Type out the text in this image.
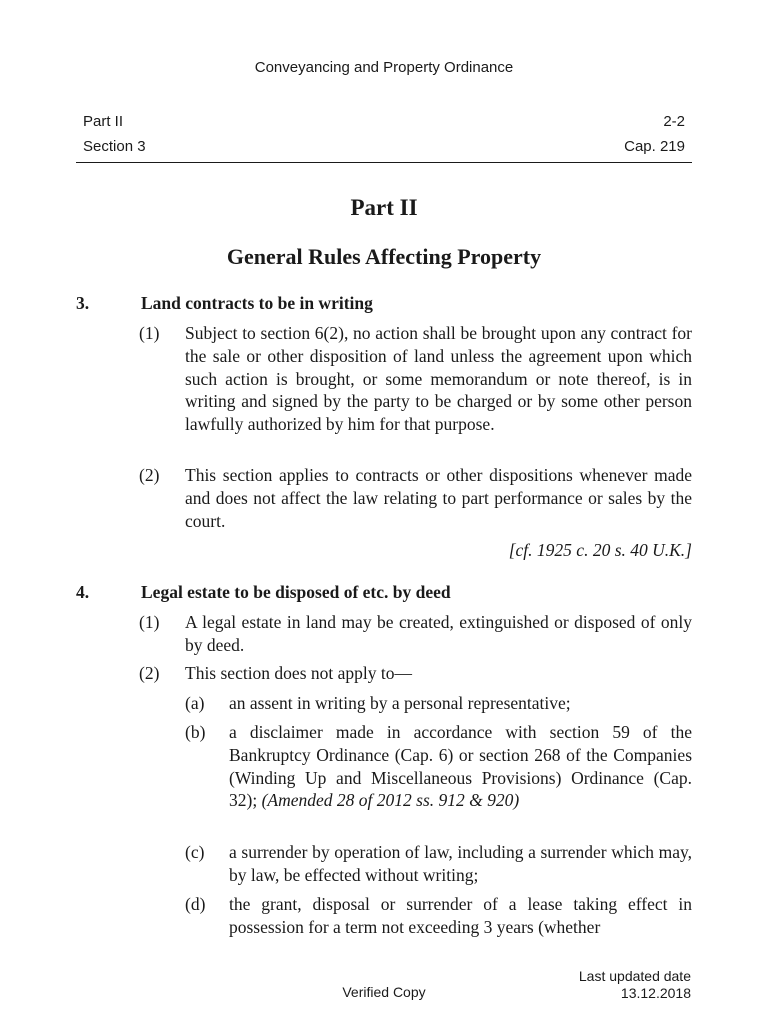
Conveyancing and Property Ordinance
Part II	2-2
Section 3	Cap. 219
Part II
General Rules Affecting Property
3.	Land contracts to be in writing
(1) Subject to section 6(2), no action shall be brought upon any contract for the sale or other disposition of land unless the agreement upon which such action is brought, or some memorandum or note thereof, is in writing and signed by the party to be charged or by some other person lawfully authorized by him for that purpose.
(2) This section applies to contracts or other dispositions whenever made and does not affect the law relating to part performance or sales by the court.
[cf. 1925 c. 20 s. 40 U.K.]
4.	Legal estate to be disposed of etc. by deed
(1) A legal estate in land may be created, extinguished or disposed of only by deed.
(2) This section does not apply to—
(a) an assent in writing by a personal representative;
(b) a disclaimer made in accordance with section 59 of the Bankruptcy Ordinance (Cap. 6) or section 268 of the Companies (Winding Up and Miscellaneous Provisions) Ordinance (Cap. 32); (Amended 28 of 2012 ss. 912 & 920)
(c) a surrender by operation of law, including a surrender which may, by law, be effected without writing;
(d) the grant, disposal or surrender of a lease taking effect in possession for a term not exceeding 3 years (whether
Verified Copy
Last updated date
13.12.2018
